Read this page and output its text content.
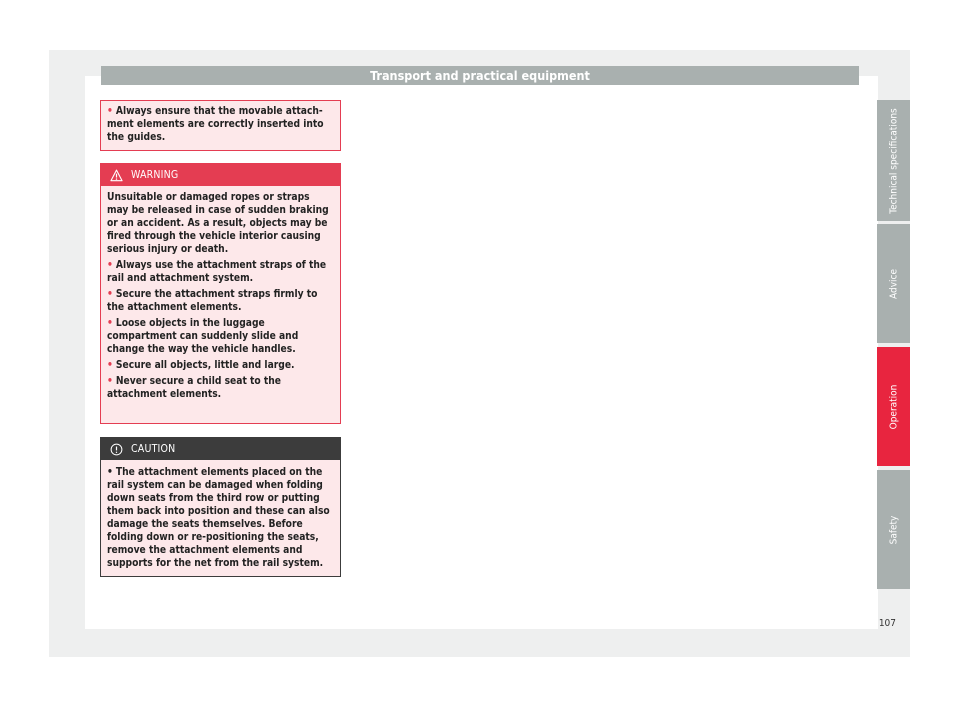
Transport and practical equipment

• Always ensure that the movable attach-ment elements are correctly inserted into the guides.

WARNING

Unsuitable or damaged ropes or straps may be released in case of sudden braking or an accident. As a result, objects may be fired through the vehicle interior causing serious injury or death.

• Always use the attachment straps of the rail and attachment system.

• Secure the attachment straps firmly to the attachment elements.

• Loose objects in the luggage compartment can suddenly slide and change the way the vehicle handles.

• Secure all objects, little and large.

• Never secure a child seat to the attachment elements.

CAUTION

• The attachment elements placed on the rail system can be damaged when folding down seats from the third row or putting them back into position and these can also damage the seats themselves. Before folding down or re-positioning the seats, remove the attachment elements and supports for the net from the rail system.

Technical specifications
Advice
Operation
Safety
107
